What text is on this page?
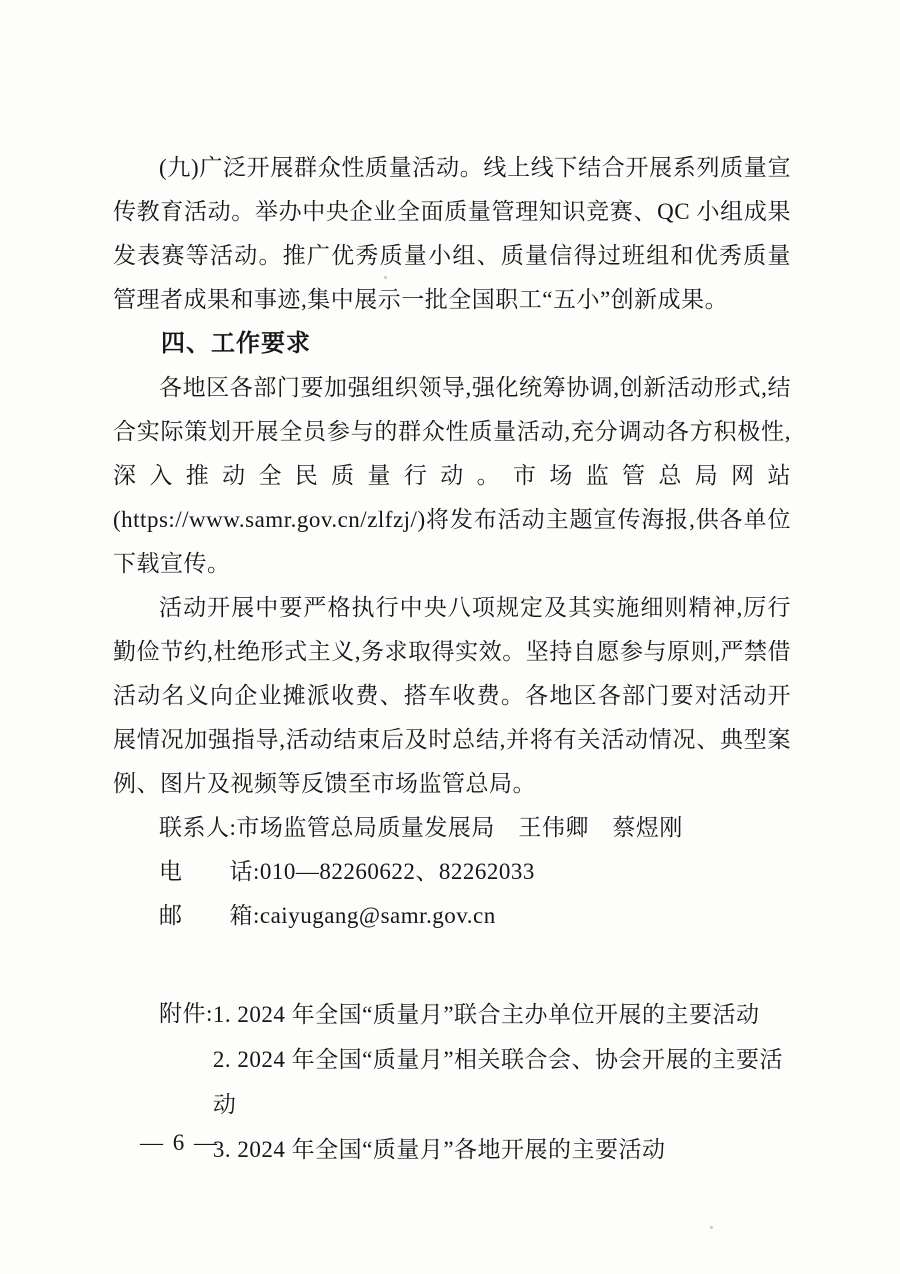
(九)广泛开展群众性质量活动。线上线下结合开展系列质量宣传教育活动。举办中央企业全面质量管理知识竞赛、QC 小组成果发表赛等活动。推广优秀质量小组、质量信得过班组和优秀质量管理者成果和事迹,集中展示一批全国职工“五小”创新成果。

四、工作要求

各地区各部门要加强组织领导,强化统筹协调,创新活动形式,结合实际策划开展全员参与的群众性质量活动,充分调动各方积极性,深入推动全民质量行动。市场监管总局网站(https://www.samr.gov.cn/zlfzj/)将发布活动主题宣传海报,供各单位下载宣传。

活动开展中要严格执行中央八项规定及其实施细则精神,厉行勤俭节约,杜绝形式主义,务求取得实效。坚持自愿参与原则,严禁借活动名义向企业摊派收费、搭车收费。各地区各部门要对活动开展情况加强指导,活动结束后及时总结,并将有关活动情况、典型案例、图片及视频等反馈至市场监管总局。

联系人:市场监管总局质量发展局　王伟卿　蔡煜刚

电　　话:010—82260622、82262033

邮　　箱:caiyugang@samr.gov.cn

附件: 1. 2024 年全国“质量月”联合主办单位开展的主要活动
2. 2024 年全国“质量月”相关联合会、协会开展的主要活动
3. 2024 年全国“质量月”各地开展的主要活动
— 6 —
